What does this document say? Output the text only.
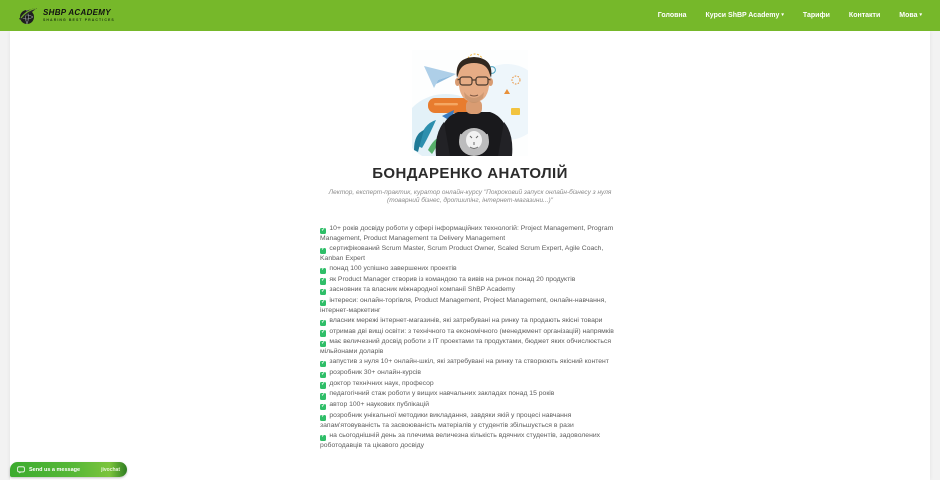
SHBP ACADEMY
SHARING BEST PRACTICES
Головна	Курси ShBP Academy ▾	Тарифи	Контакти	Мова ▾
БОНДАРЕНКО АНАТОЛІЙ
Лектор, експерт-практик, куратор онлайн-курсу "Покроковий запуск онлайн-бізнесу з нуля (товарний бізнес, дропшипінг, інтернет-магазини...)"
✓ 10+ років досвіду роботи у сфері інформаційних технологій: Project Management, Program Management, Product Management та Delivery Management
✓ сертифікований Scrum Master, Scrum Product Owner, Scaled Scrum Expert, Agile Coach, Kanban Expert
✓ понад 100 успішно завершених проектів
✓ як Product Manager створив із командою та вивів на ринок понад 20 продуктів
✓ засновник та власник міжнародної компанії ShBP Academy
✓ інтереси: онлайн-торгівля, Product Management, Project Management, онлайн-навчання, інтернет-маркетинг
✓ власник мережі інтернет-магазинів, які затребувані на ринку та продають якісні товари
✓ отримав дві вищі освіти: з технічного та економічного (менеджмент організацій) напрямків
✓ має величезний досвід роботи з IT проектами та продуктами, бюджет яких обчислюється мільйонами доларів
✓ запустив з нуля 10+ онлайн-шкіл, які затребувані на ринку та створюють якісний контент
✓ розробник 30+ онлайн-курсів
✓ доктор технічних наук, професор
✓ педагогічний стаж роботи у вищих навчальних закладах понад 15 років
✓ автор 100+ наукових публікацій
✓ розробник унікальної методики викладання, завдяки якій у процесі навчання запам'ятовуваність та засвоюваність матеріалів у студентів збільшується в рази
✓ на сьогоднішній день за плечима величезна кількість вдячних студентів, задоволених роботодавців та цікавого досвіду
Send us a message	jivochat
